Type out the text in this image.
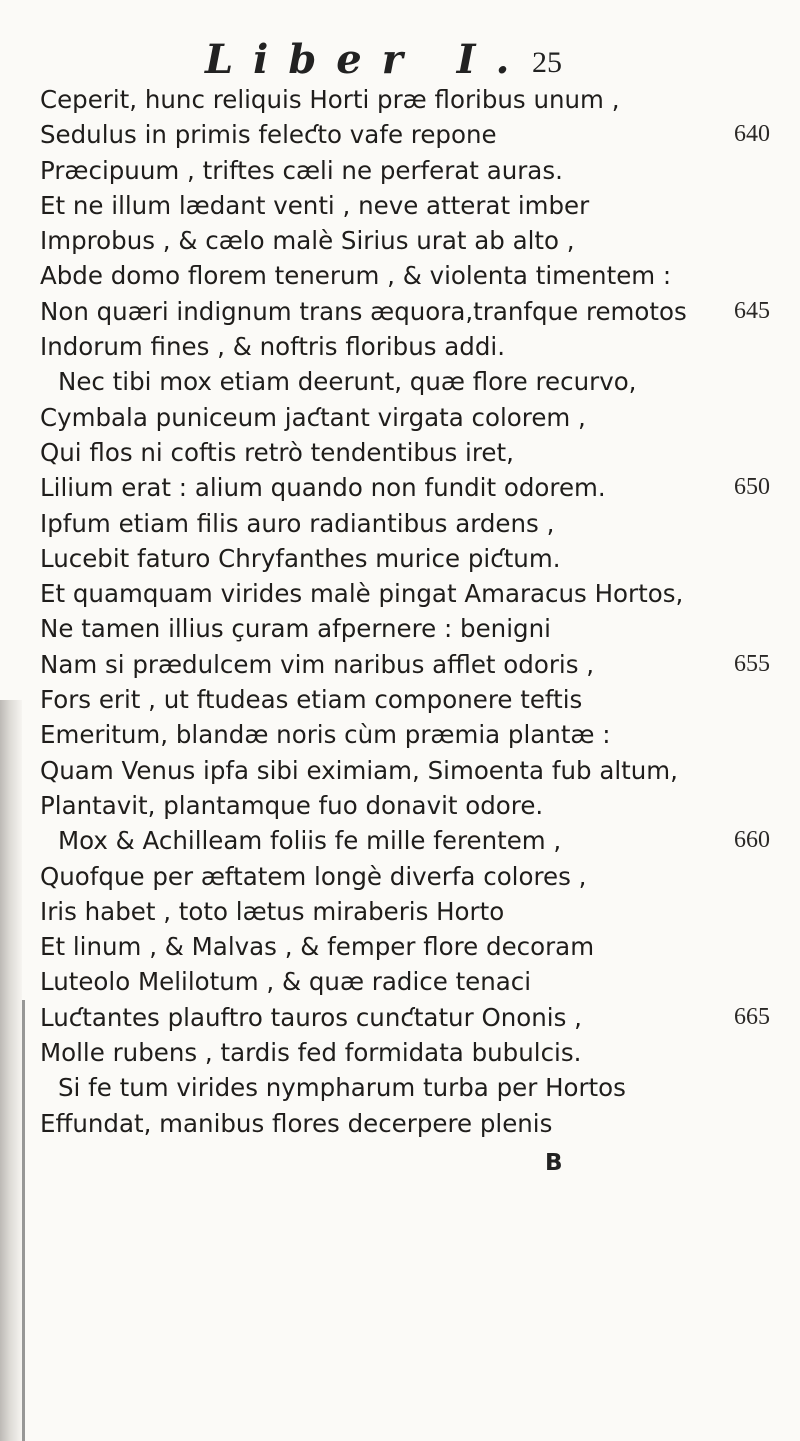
Liber I. 25
Ceperit, hunc reliquis Horti præ floribus unum ,
Sedulus in primis feleƈto vafe repone	640
Præcipuum , triftes cæli ne perferat auras.
Et ne illum lædant venti , neve atterat imber
Improbus , & cælo malè Sirius urat ab alto ,
Abde domo florem tenerum , & violenta timentem :
Non quæri indignum trans æquora,tranfque remotos 645
Indorum fines , & noftris floribus addi.
Nec tibi mox etiam deerunt, quæ flore recurvo,
Cymbala puniceum jaƈtant virgata colorem ,
Qui flos ni coftis retrò tendentibus iret,
Lilium erat : alium quando non fundit odorem.	650
Ipfum etiam filis auro radiantibus ardens ,
Lucebit faturo Chryfanthes murice piƈtum.
Et quamquam virides malè pingat Amaracus Hortos,
Ne tamen illius çuram afpernere : benigni
Nam si prædulcem vim naribus afflet odoris ,	655
Fors erit , ut ftudeas etiam componere teftis
Emeritum, blandæ noris cùm præmia plantæ :
Quam Venus ipfa sibi eximiam, Simoenta fub altum,
Plantavit, plantamque fuo donavit odore.
Mox & Achilleam foliis fe mille ferentem ,	660
Quofque per æftatem longè diverfa colores ,
Iris habet , toto lætus miraberis Horto
Et linum , & Malvas , & femper flore decoram
Luteolo Melilotum , & quæ radice tenaci
Luƈtantes plauftro tauros cunƈtatur Ononis ,	665
Molle rubens , tardis fed formidata bubulcis.
Si fe tum virides nympharum turba per Hortos
Effundat, manibus flores decerpere plenis
B
